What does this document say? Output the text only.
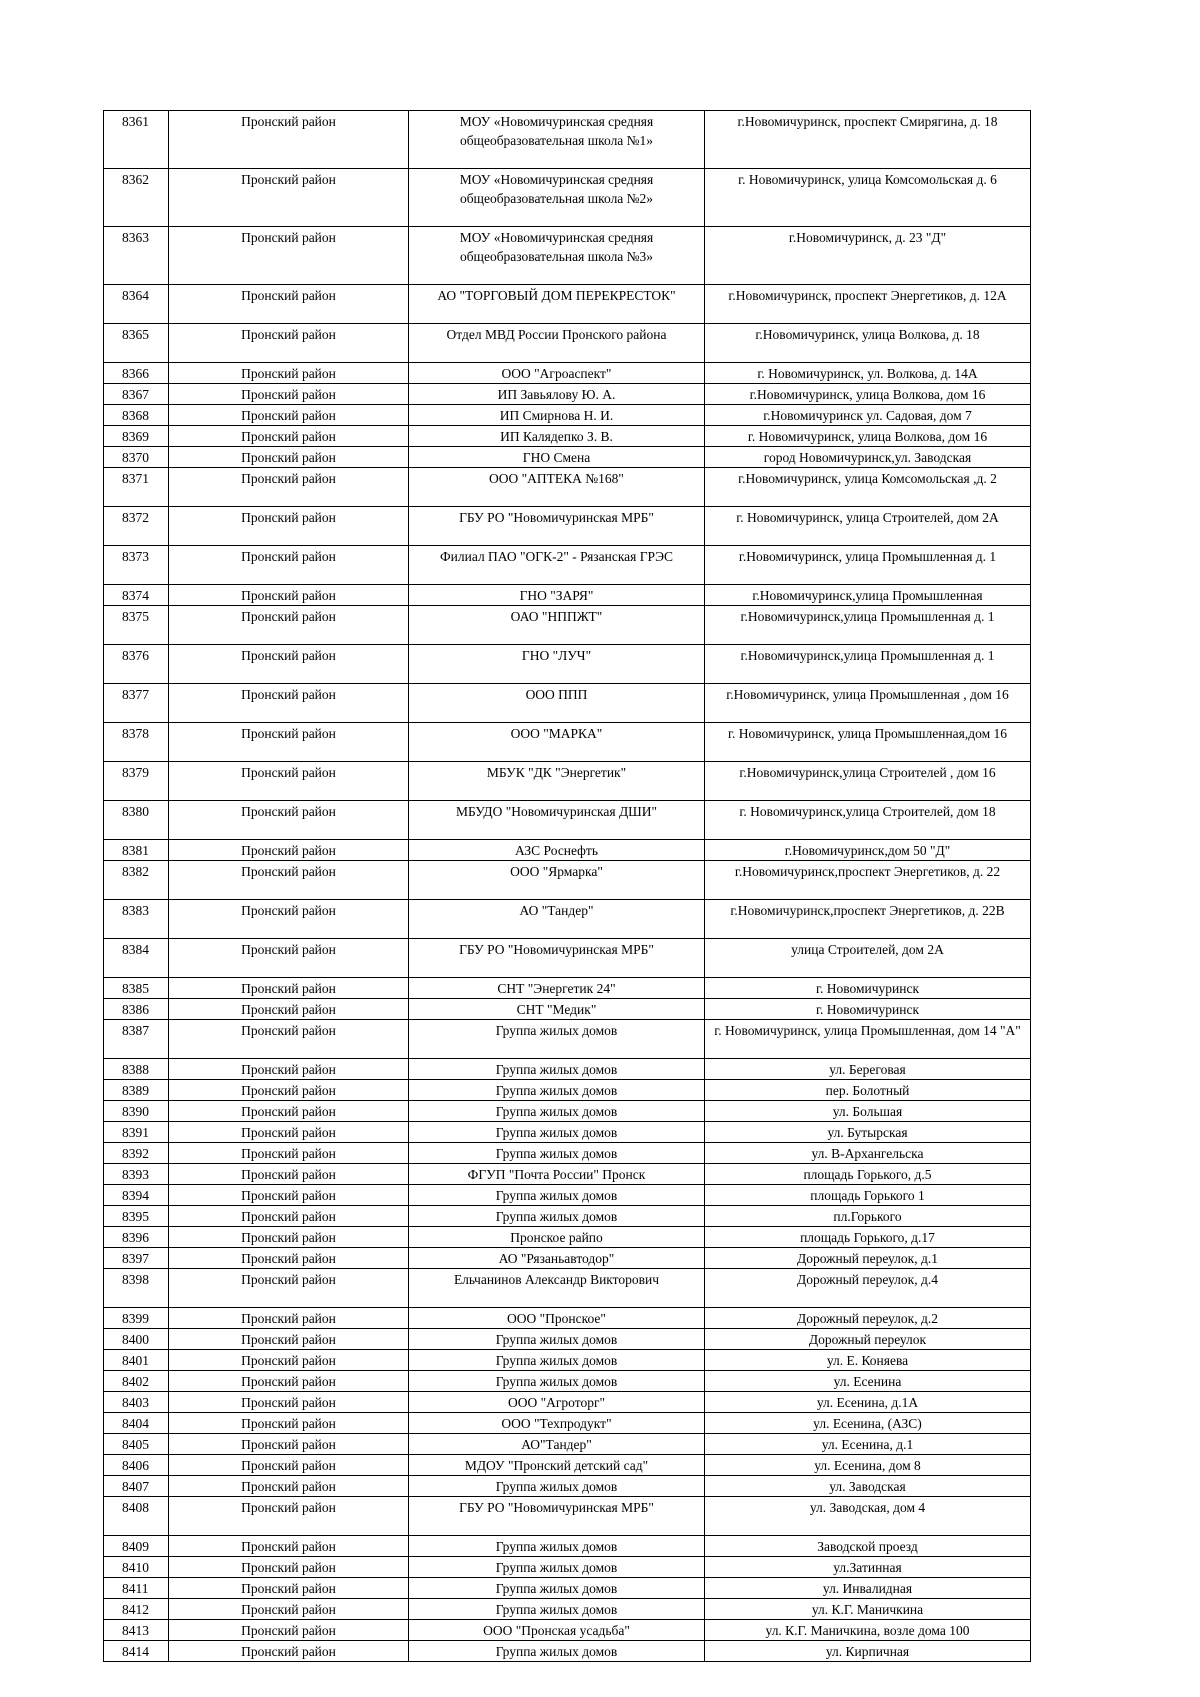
8361	Пронский район	МОУ «Новомичуринская средняя общеобразовательная школа №1»	г.Новомичуринск, проспект Смирягина, д. 18
8362	Пронский район	МОУ «Новомичуринская средняя общеобразовательная школа №2»	г. Новомичуринск, улица Комсомольская д. 6
8363	Пронский район	МОУ «Новомичуринская средняя общеобразовательная школа №3»	г.Новомичуринск, д. 23 "Д"
8364	Пронский район	АО "ТОРГОВЫЙ ДОМ ПЕРЕКРЕСТОК"	г.Новомичуринск, проспект Энергетиков, д. 12А
8365	Пронский район	Отдел МВД России Пронского района	г.Новомичуринск, улица Волкова, д. 18
8366	Пронский район	ООО "Агроаспект"	г. Новомичуринск, ул. Волкова, д. 14А
8367	Пронский район	ИП Завьялову Ю. А.	г.Новомичуринск, улица Волкова, дом 16
8368	Пронский район	ИП Смирнова Н. И.	г.Новомичуринск ул. Садовая, дом 7
8369	Пронский район	ИП Калядепко З. В.	г. Новомичуринск, улица Волкова, дом 16
8370	Пронский район	ГНО Смена	город Новомичуринск,ул. Заводская
8371	Пронский район	ООО "АПТЕКА №168"	г.Новомичуринск, улица Комсомольская ,д. 2
8372	Пронский район	ГБУ РО "Новомичуринская МРБ"	г. Новомичуринск, улица Строителей, дом 2А
8373	Пронский район	Филиал ПАО "ОГК-2" - Рязанская ГРЭС	г.Новомичуринск, улица Промышленная д. 1
8374	Пронский район	ГНО "ЗАРЯ"	г.Новомичуринск,улица Промышленная
8375	Пронский район	ОАО "НППЖТ"	г.Новомичуринск,улица Промышленная д. 1
8376	Пронский район	ГНО "ЛУЧ"	г.Новомичуринск,улица Промышленная д. 1
8377	Пронский район	ООО ППП	г.Новомичуринск, улица Промышленная , дом 16
8378	Пронский район	ООО "МАРКА"	г. Новомичуринск, улица Промышленная,дом 16
8379	Пронский район	МБУК "ДК "Энергетик"	г.Новомичуринск,улица Строителей , дом 16
8380	Пронский район	МБУДО "Новомичуринская ДШИ"	г. Новомичуринск,улица Строителей, дом 18
8381	Пронский район	АЗС Роснефть	г.Новомичуринск,дом 50 "Д"
8382	Пронский район	ООО "Ярмарка"	г.Новомичуринск,проспект Энергетиков, д. 22
8383	Пронский район	АО "Тандер"	г.Новомичуринск,проспект Энергетиков, д. 22В
8384	Пронский район	ГБУ РО "Новомичуринская МРБ"	улица Строителей, дом 2А
8385	Пронский район	СНТ "Энергетик 24"	г. Новомичуринск
8386	Пронский район	СНТ "Медик"	г. Новомичуринск
8387	Пронский район	Группа жилых домов	г. Новомичуринск, улица Промышленная, дом 14 "А"
8388	Пронский район	Группа жилых домов	ул. Береговая
8389	Пронский район	Группа жилых домов	пер. Болотный
8390	Пронский район	Группа жилых домов	ул. Большая
8391	Пронский район	Группа жилых домов	ул. Бутырская
8392	Пронский район	Группа жилых домов	ул. В-Архангельска
8393	Пронский район	ФГУП "Почта России" Пронск	площадь Горького, д.5
8394	Пронский район	Группа жилых домов	площадь Горького 1
8395	Пронский район	Группа жилых домов	пл.Горького
8396	Пронский район	Пронское райпо	площадь Горького, д.17
8397	Пронский район	АО "Рязаньавтодор"	Дорожный переулок, д.1
8398	Пронский район	Ельчанинов Александр Викторович	Дорожный переулок, д.4
8399	Пронский район	ООО "Пронское"	Дорожный переулок, д.2
8400	Пронский район	Группа жилых домов	Дорожный переулок
8401	Пронский район	Группа жилых домов	ул. Е. Коняева
8402	Пронский район	Группа жилых домов	ул. Есенина
8403	Пронский район	ООО "Агроторг"	ул. Есенина, д.1А
8404	Пронский район	ООО "Техпродукт"	ул. Есенина, (АЗС)
8405	Пронский район	АО"Тандер"	ул. Есенина, д.1
8406	Пронский район	МДОУ "Пронский детский сад"	ул. Есенина, дом 8
8407	Пронский район	Группа жилых домов	ул. Заводская
8408	Пронский район	ГБУ РО "Новомичуринская МРБ"	ул. Заводская, дом 4
8409	Пронский район	Группа жилых домов	Заводской проезд
8410	Пронский район	Группа жилых домов	ул.Затинная
8411	Пронский район	Группа жилых домов	ул. Инвалидная
8412	Пронский район	Группа жилых домов	ул. К.Г. Маничкина
8413	Пронский район	ООО "Пронская усадьба"	ул. К.Г. Маничкина, возле дома 100
8414	Пронский район	Группа жилых домов	ул. Кирпичная
